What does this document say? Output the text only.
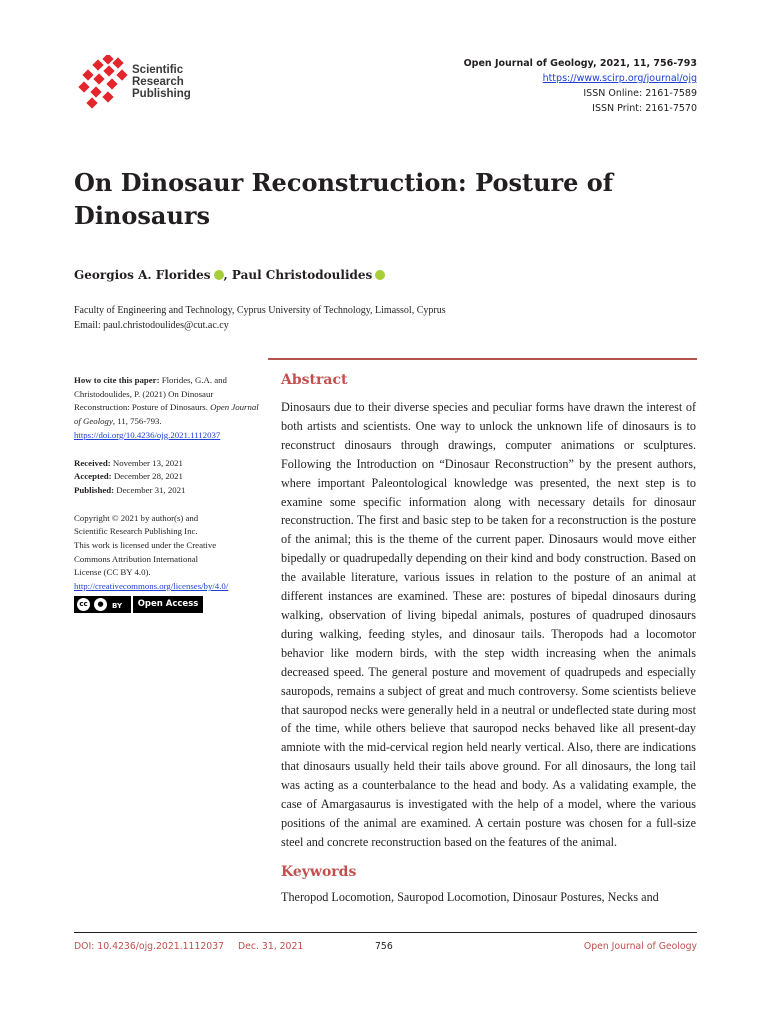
Scientific
Research
Publishing
Open Journal of Geology, 2021, 11, 756-793
https://www.scirp.org/journal/ojg
ISSN Online: 2161-7589
ISSN Print: 2161-7570
On Dinosaur Reconstruction: Posture of Dinosaurs
Georgios A. Florides , Paul Christodoulides
Faculty of Engineering and Technology, Cyprus University of Technology, Limassol, Cyprus
Email: paul.christodoulides@cut.ac.cy
How to cite this paper: Florides, G.A. and Christodoulides, P. (2021) On Dinosaur Reconstruction: Posture of Dinosaurs. Open Journal of Geology, 11, 756-793.
https://doi.org/10.4236/ojg.2021.1112037
Received: November 13, 2021
Accepted: December 28, 2021
Published: December 31, 2021
Copyright © 2021 by author(s) and
Scientific Research Publishing Inc.
This work is licensed under the Creative
Commons Attribution International
License (CC BY 4.0).
http://creativecommons.org/licenses/by/4.0/
cc	●	BY Open Access
Abstract
Dinosaurs due to their diverse species and peculiar forms have drawn the interest of both artists and scientists. One way to unlock the unknown life of dinosaurs is to reconstruct dinosaurs through drawings, computer animations or sculptures. Following the Introduction on “Dinosaur Reconstruction” by the present authors, where important Paleontological knowledge was presented, the next step is to examine some specific information along with necessary details for dinosaur reconstruction. The first and basic step to be taken for a reconstruction is the posture of the animal; this is the theme of the current paper. Dinosaurs would move either bipedally or quadrupedally depending on their kind and body construction. Based on the available literature, various issues in relation to the posture of an animal at different instances are examined. These are: postures of bipedal dinosaurs during walking, observation of living bipedal animals, postures of quadruped dinosaurs during walking, feeding styles, and dinosaur tails. Theropods had a locomotor behavior like modern birds, with the step width increasing when the animals decreased speed. The general posture and movement of quadrupeds and especially sauropods, remains a subject of great and much controversy. Some scientists believe that sauropod necks were generally held in a neutral or undeflected state during most of the time, while others believe that sauropod necks behaved like all present-day amniote with the mid-cervical region held nearly vertical. Also, there are indications that dinosaurs usually held their tails above ground. For all dinosaurs, the long tail was acting as a counterbalance to the head and body. As a validating example, the case of Amargasaurus is investigated with the help of a model, where the various positions of the animal are examined. A certain posture was chosen for a full-size steel and concrete reconstruction based on the features of the animal.
Keywords
Theropod Locomotion, Sauropod Locomotion, Dinosaur Postures, Necks and
DOI: 10.4236/ojg.2021.1112037 Dec. 31, 2021	756	Open Journal of Geology
